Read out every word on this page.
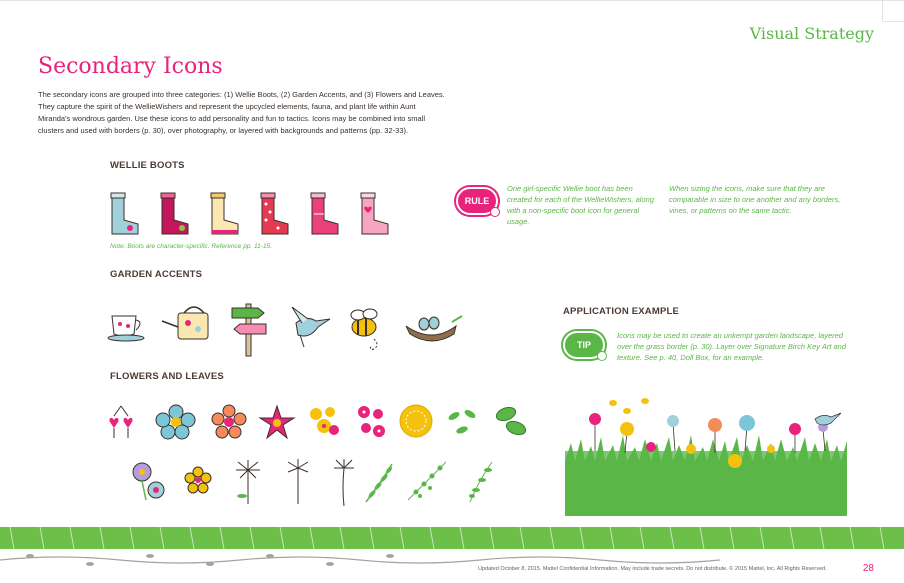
Visual Strategy
Secondary Icons

The secondary icons are grouped into three categories: (1) Wellie Boots, (2) Garden Accents, and (3) Flowers and Leaves. They capture the spirit of the WellieWishers and represent the upcycled elements, fauna, and plant life within Aunt Miranda's wondrous garden. Use these icons to add personality and fun to tactics. Icons may be combined into small clusters and used with borders (p. 30), over photography, or layered with backgrounds and patterns (pp. 32-33).

WELLIE BOOTS
Note: Boots are character-specific. Reference pp. 11-15.
GARDEN ACCENTS
FLOWERS AND LEAVES
RULE

One girl-specific Wellie boot has been created for each of the WellieWishers, along with a non-specific boot icon for general usage.

When sizing the icons, make sure that they are comparable in size to one another and any borders, vines, or patterns on the same tactic.

APPLICATION EXAMPLE
TIP

Icons may be used to create an unkempt garden landscape, layered over the grass border (p. 30). Layer over Signature Birch Key Art and texture. See p. 40, Doll Box, for an example.

Updated October 8, 2015. Mattel Confidential Information. May include trade secrets. Do not distribute. © 2015 Mattel, Inc. All Rights Reserved.	28
